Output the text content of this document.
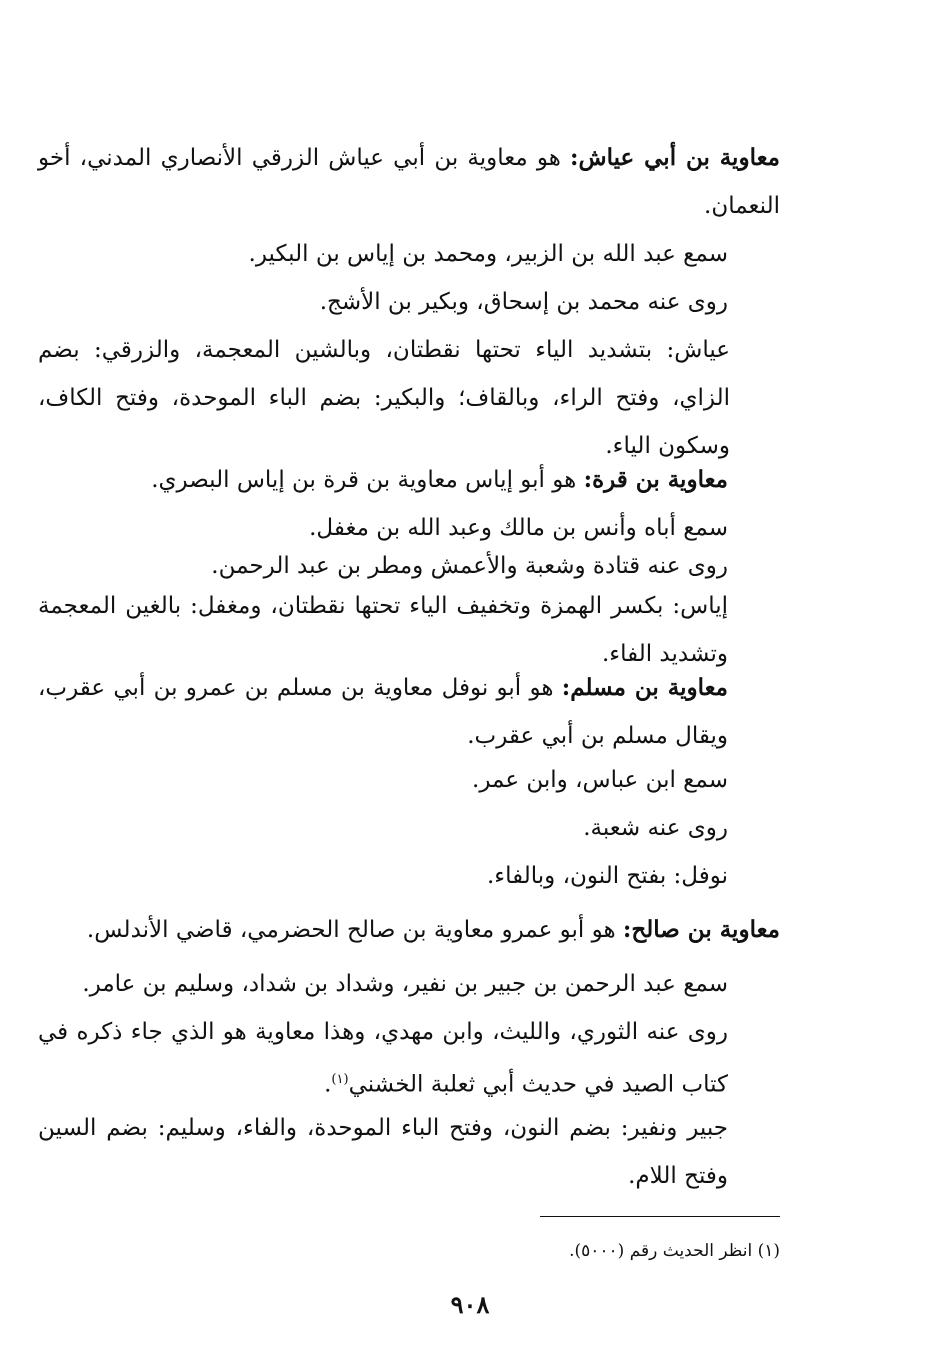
معاوية بن أبي عياش: هو معاوية بن أبي عياش الزرقي الأنصاري المدني، أخو النعمان.

سمع عبد الله بن الزبير، ومحمد بن إياس بن البكير.

روى عنه محمد بن إسحاق، وبكير بن الأشج.

عياش: بتشديد الياء تحتها نقطتان، وبالشين المعجمة، والزرقي: بضم الزاي، وفتح الراء، وبالقاف؛ والبكير: بضم الباء الموحدة، وفتح الكاف، وسكون الياء.

معاوية بن قرة: هو أبو إياس معاوية بن قرة بن إياس البصري.

سمع أباه وأنس بن مالك وعبد الله بن مغفل.

روى عنه قتادة وشعبة والأعمش ومطر بن عبد الرحمن.

إياس: بكسر الهمزة وتخفيف الياء تحتها نقطتان، ومغفل: بالغين المعجمة وتشديد الفاء.

معاوية بن مسلم: هو أبو نوفل معاوية بن مسلم بن عمرو بن أبي عقرب، ويقال مسلم بن أبي عقرب.

سمع ابن عباس، وابن عمر.

روى عنه شعبة.

نوفل: بفتح النون، وبالفاء.

معاوية بن صالح: هو أبو عمرو معاوية بن صالح الحضرمي، قاضي الأندلس.

سمع عبد الرحمن بن جبير بن نفير، وشداد بن شداد، وسليم بن عامر.

روى عنه الثوري، والليث، وابن مهدي، وهذا معاوية هو الذي جاء ذكره في كتاب الصيد في حديث أبي ثعلبة الخشني$^{(١)}$.

جبير ونفير: بضم النون، وفتح الباء الموحدة، والفاء، وسليم: بضم السين وفتح اللام.

(١) انظر الحديث رقم (٥٠٠٠).
٩٠٨
